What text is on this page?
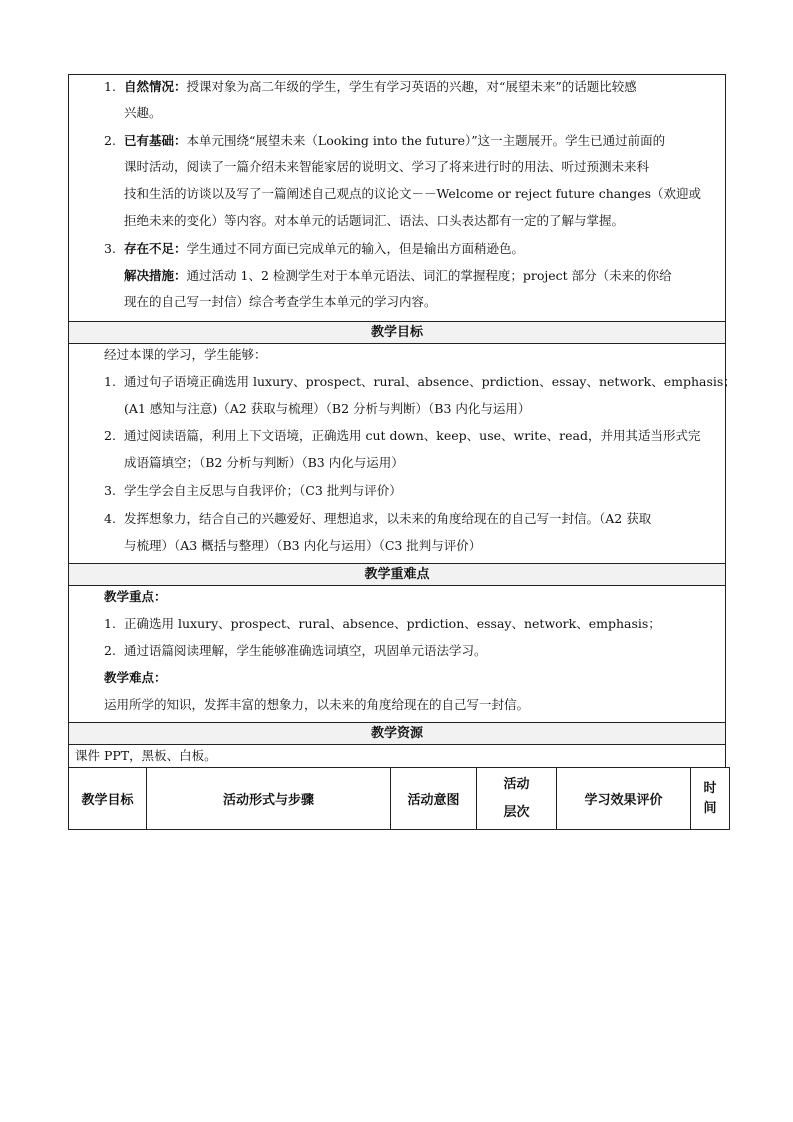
1. 自然情况：授课对象为高二年级的学生，学生有学习英语的兴趣，对“展望未来”的话题比较感
兴趣。
2. 已有基础：本单元围绕“展望未来（Looking into the future）”这一主题展开。学生已通过前面的
课时活动，阅读了一篇介绍未来智能家居的说明文、学习了将来进行时的用法、听过预测未来科
技和生活的访谈以及写了一篇阐述自己观点的议论文－－Welcome or reject future changes（欢迎或
拒绝未来的变化）等内容。对本单元的话题词汇、语法、口头表达都有一定的了解与掌握。
3. 存在不足：学生通过不同方面已完成单元的输入，但是输出方面稍逊色。
解决措施：通过活动 1、2 检测学生对于本单元语法、词汇的掌握程度；project 部分（未来的你给
现在的自己写一封信）综合考查学生本单元的学习内容。
教学目标
经过本课的学习，学生能够：
1. 通过句子语境正确选用 luxury、prospect、rural、absence、prdiction、essay、network、emphasis；
(A1 感知与注意)（A2 获取与梳理）（B2 分析与判断）（B3 内化与运用）
2. 通过阅读语篇，利用上下文语境，正确选用 cut down、keep、use、write、read，并用其适当形式完
成语篇填空；（B2 分析与判断）（B3 内化与运用）
3. 学生学会自主反思与自我评价；（C3 批判与评价）
4. 发挥想象力，结合自己的兴趣爱好、理想追求，以未来的角度给现在的自己写一封信。（A2 获取
与梳理）（A3 概括与整理）（B3 内化与运用）（C3 批判与评价）
教学重难点
教学重点：
1. 正确选用 luxury、prospect、rural、absence、prdiction、essay、network、emphasis；
2. 通过语篇阅读理解，学生能够准确选词填空，巩固单元语法学习。
教学难点：
运用所学的知识，发挥丰富的想象力，以未来的角度给现在的自己写一封信。
教学资源
课件 PPT，黑板、白板。
教学目标	活动形式与步骤	活动意图
活动
层次
学习效果评价
时
间
